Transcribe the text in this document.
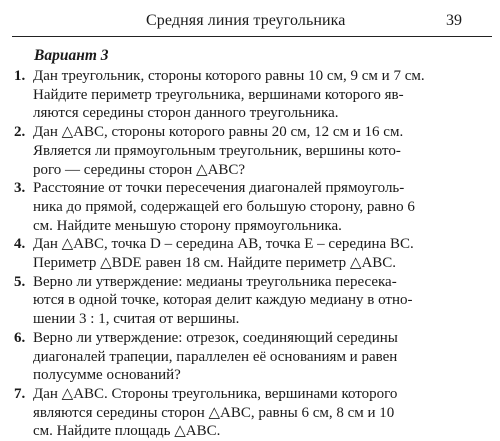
Средняя линия треугольника	39
Вариант 3
1. Дан треугольник, стороны которого равны 10 см, 9 см и 7 см.
Найдите периметр треугольника, вершинами которого яв-
ляются середины сторон данного треугольника.
2. Дан △ABC, стороны которого равны 20 см, 12 см и 16 см.
Является ли прямоугольным треугольник, вершины кото-
рого — середины сторон △ABC?
3. Расстояние от точки пересечения диагоналей прямоуголь-
ника до прямой, содержащей его большую сторону, равно 6
см. Найдите меньшую сторону прямоугольника.
4. Дан △ABC, точка D – середина AB, точка E – середина BC.
Периметр △BDE равен 18 см. Найдите периметр △ABC.
5. Верно ли утверждение: медианы треугольника пересека-
ются в одной точке, которая делит каждую медиану в отно-
шении 3 : 1, считая от вершины.
6. Верно ли утверждение: отрезок, соединяющий середины
диагоналей трапеции, параллелен её основаниям и равен
полусумме оснований?
7. Дан △ABC. Стороны треугольника, вершинами которого
являются середины сторон △ABC, равны 6 см, 8 см и 10
см. Найдите площадь △ABC.
